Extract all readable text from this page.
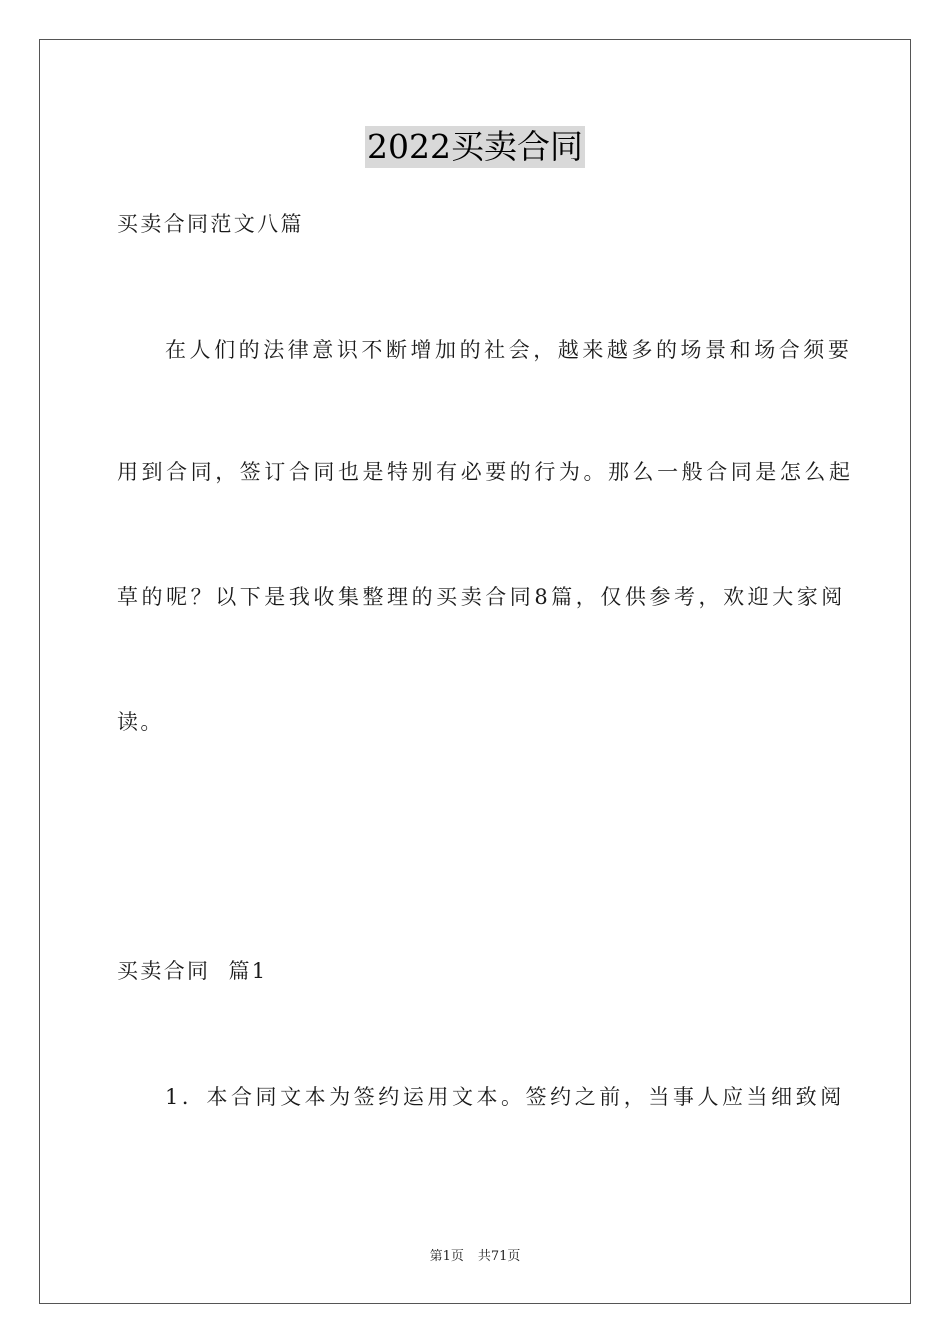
2022买卖合同
买卖合同范文八篇
在人们的法律意识不断增加的社会，越来越多的场景和场合须要
用到合同，签订合同也是特别有必要的行为。那么一般合同是怎么起
草的呢？以下是我收集整理的买卖合同8篇，仅供参考，欢迎大家阅
读。
买卖合同  篇1
1．本合同文本为签约运用文本。签约之前，当事人应当细致阅
第1页 共71页
